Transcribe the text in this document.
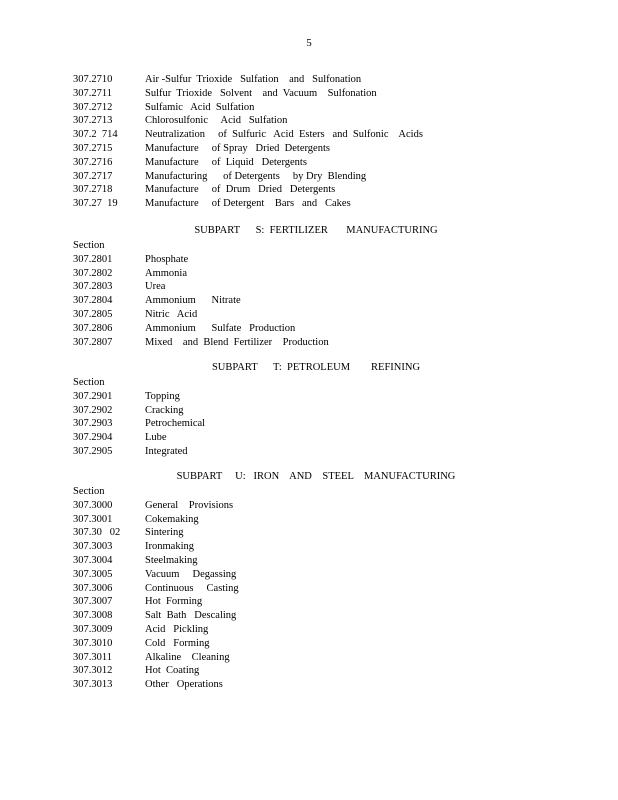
5
307.2710	Air -Sulfur  Trioxide   Sulfation    and   Sulfonation
307.2711	Sulfur  Trioxide   Solvent    and  Vacuum    Sulfonation
307.2712	Sulfamic   Acid  Sulfation
307.2713	Chlorosulfonic     Acid   Sulfation
307.2  714	Neutralization     of  Sulfuric   Acid  Esters   and  Sulfonic    Acids
307.2715	Manufacture     of Spray   Dried  Detergents
307.2716	Manufacture     of  Liquid   Detergents
307.2717	Manufacturing      of Detergents     by Dry  Blending
307.2718	Manufacture     of  Drum   Dried   Detergents
307.27  19	Manufacture     of Detergent    Bars   and   Cakes
SUBPART      S:  FERTILIZER       MANUFACTURING
Section
307.2801	Phosphate
307.2802	Ammonia
307.2803	Urea
307.2804	Ammonium      Nitrate
307.2805	Nitric   Acid
307.2806	Ammonium      Sulfate   Production
307.2807	Mixed    and  Blend  Fertilizer    Production
SUBPART      T:  PETROLEUM        REFINING
Section
307.2901	Topping
307.2902	Cracking
307.2903	Petrochemical
307.2904	Lube
307.2905	Integrated
SUBPART     U:   IRON    AND    STEEL    MANUFACTURING
Section
307.3000	General    Provisions
307.3001	Cokemaking
307.30   02	Sintering
307.3003	Ironmaking
307.3004	Steelmaking
307.3005	Vacuum     Degassing
307.3006	Continuous     Casting
307.3007	Hot  Forming
307.3008	Salt  Bath   Descaling
307.3009	Acid   Pickling
307.3010	Cold   Forming
307.3011	Alkaline    Cleaning
307.3012	Hot  Coating
307.3013	Other   Operations
